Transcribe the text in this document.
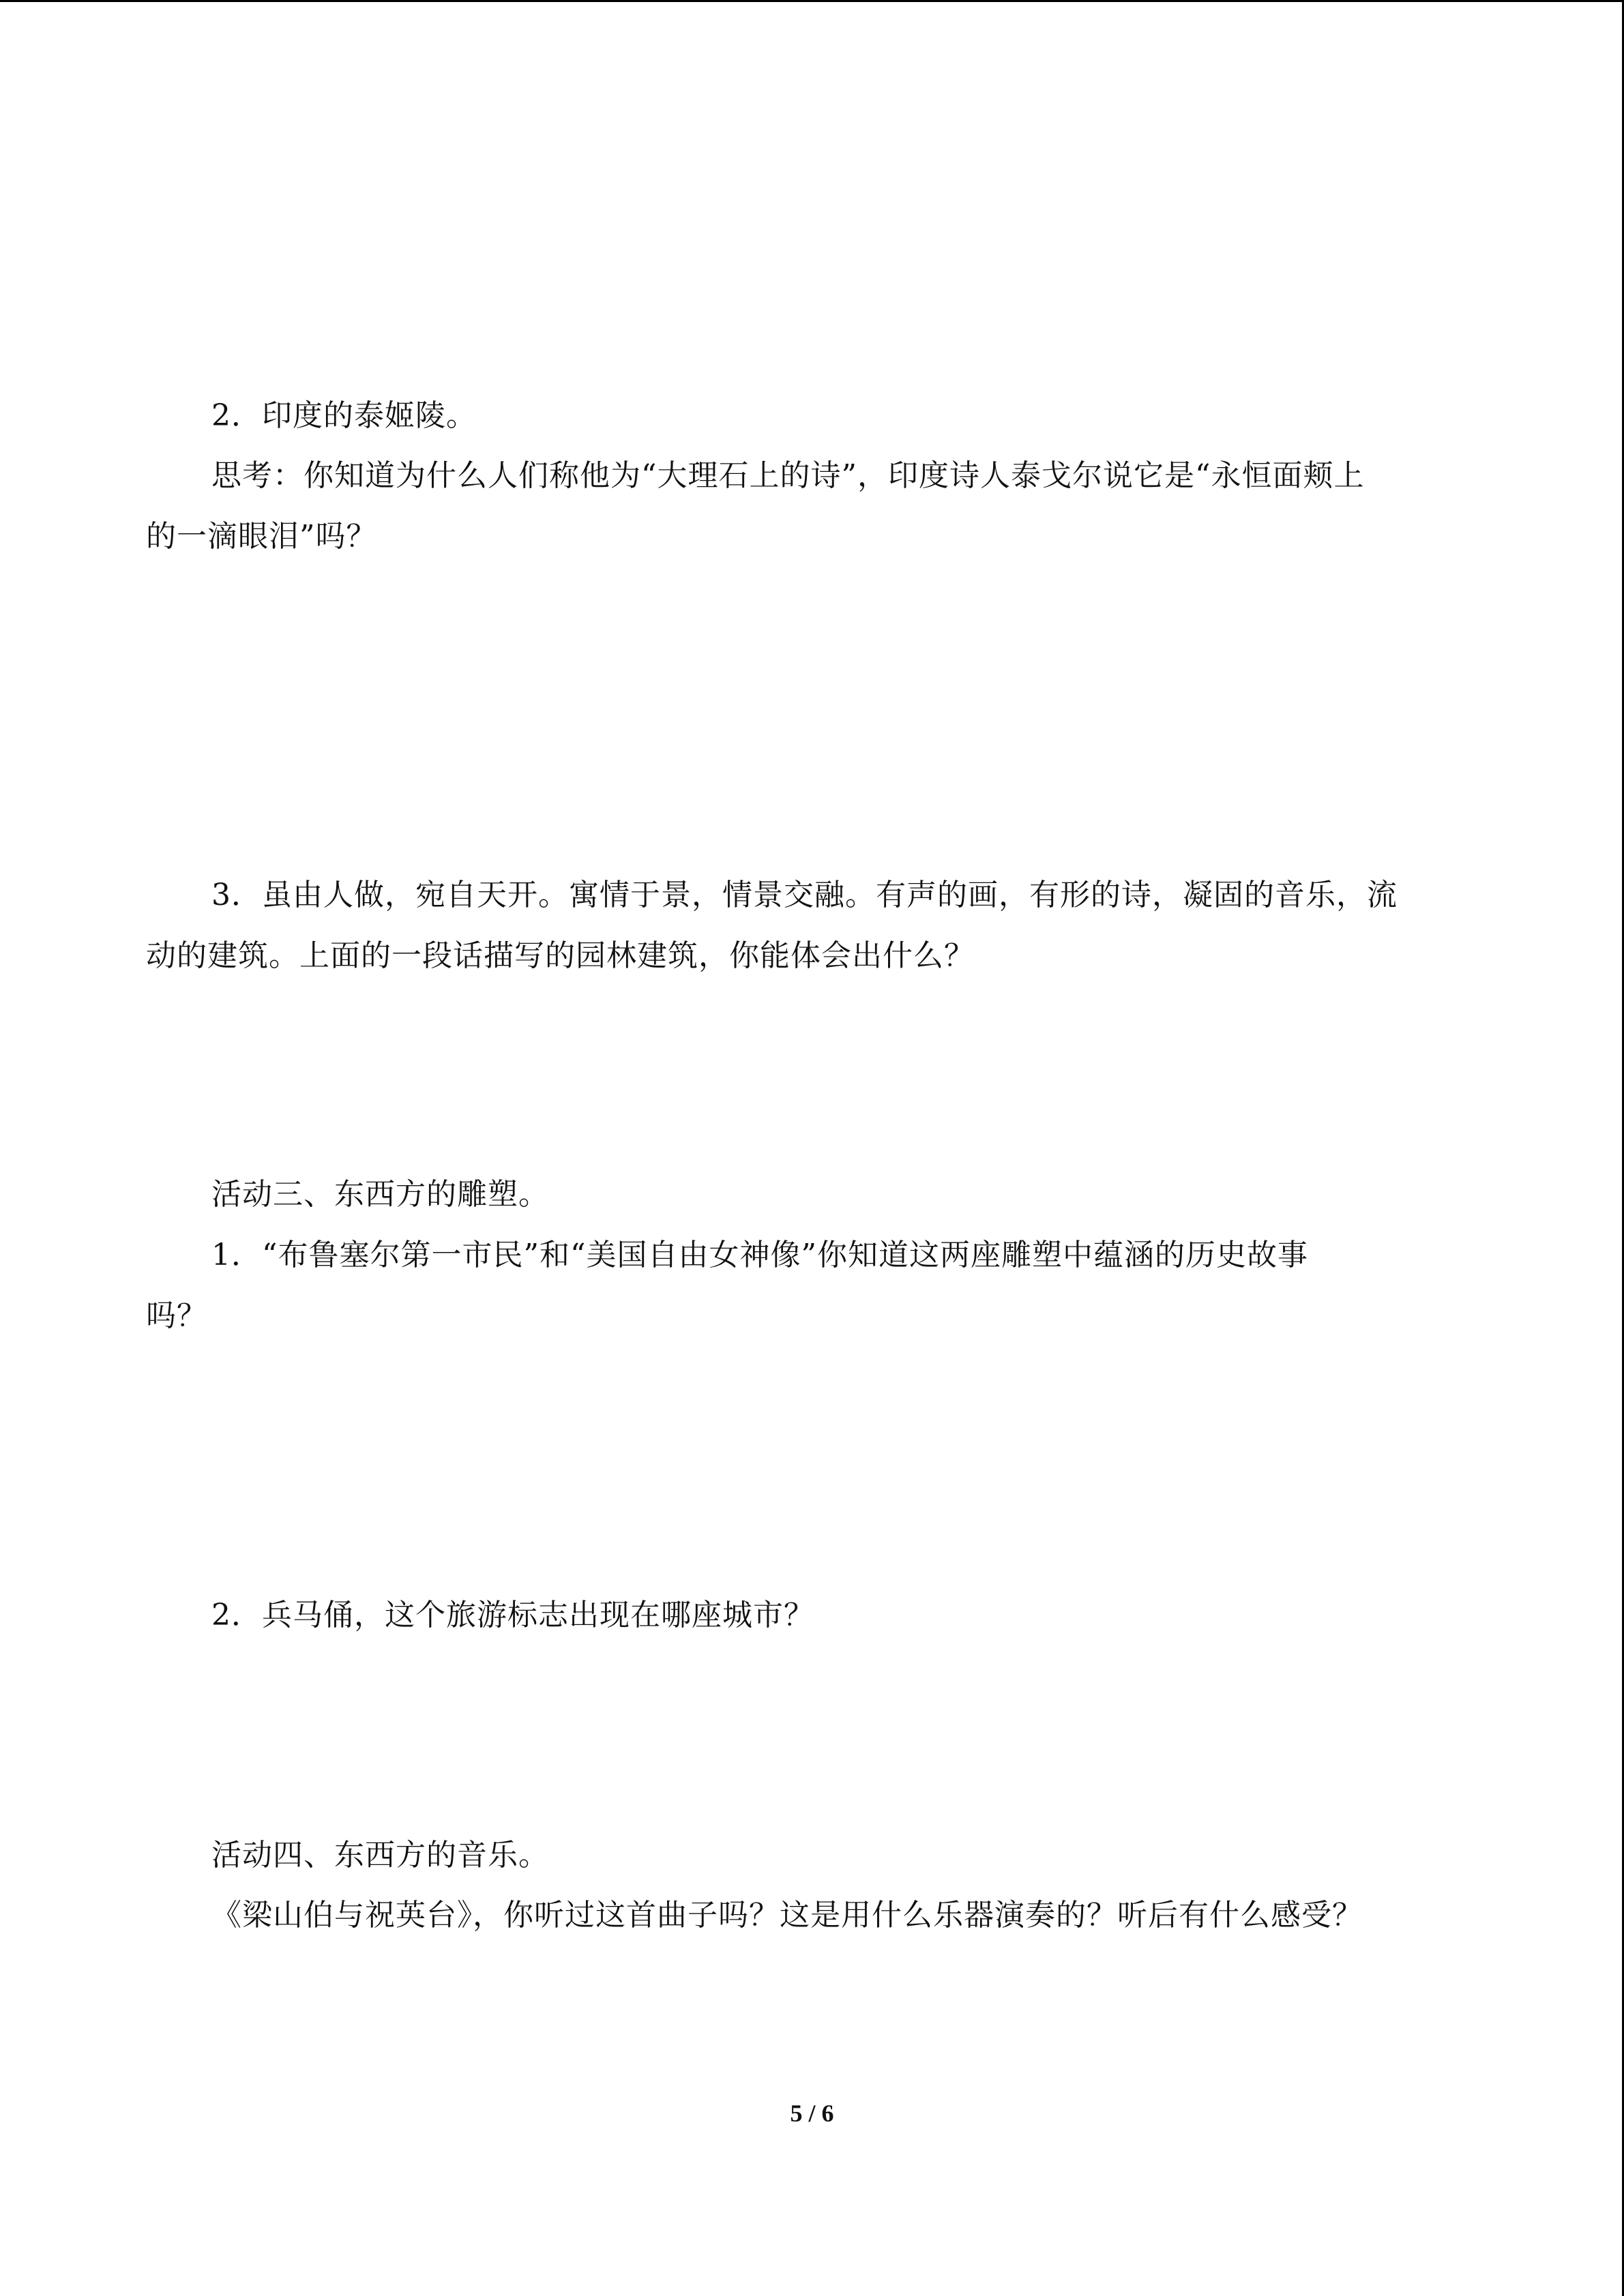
2．印度的泰姬陵。
思考：你知道为什么人们称他为“大理石上的诗”，印度诗人泰戈尔说它是“永恒面颊上
的一滴眼泪”吗？
3．虽由人做，宛自天开。寓情于景，情景交融。有声的画，有形的诗，凝固的音乐，流
动的建筑。上面的一段话描写的园林建筑，你能体会出什么？
活动三、东西方的雕塑。
1．“布鲁塞尔第一市民”和“美国自由女神像”你知道这两座雕塑中蕴涵的历史故事
吗？
2．兵马俑，这个旅游标志出现在哪座城市？
活动四、东西方的音乐。
《梁山伯与祝英台》，你听过这首曲子吗？这是用什么乐器演奏的？听后有什么感受？
5 / 6
